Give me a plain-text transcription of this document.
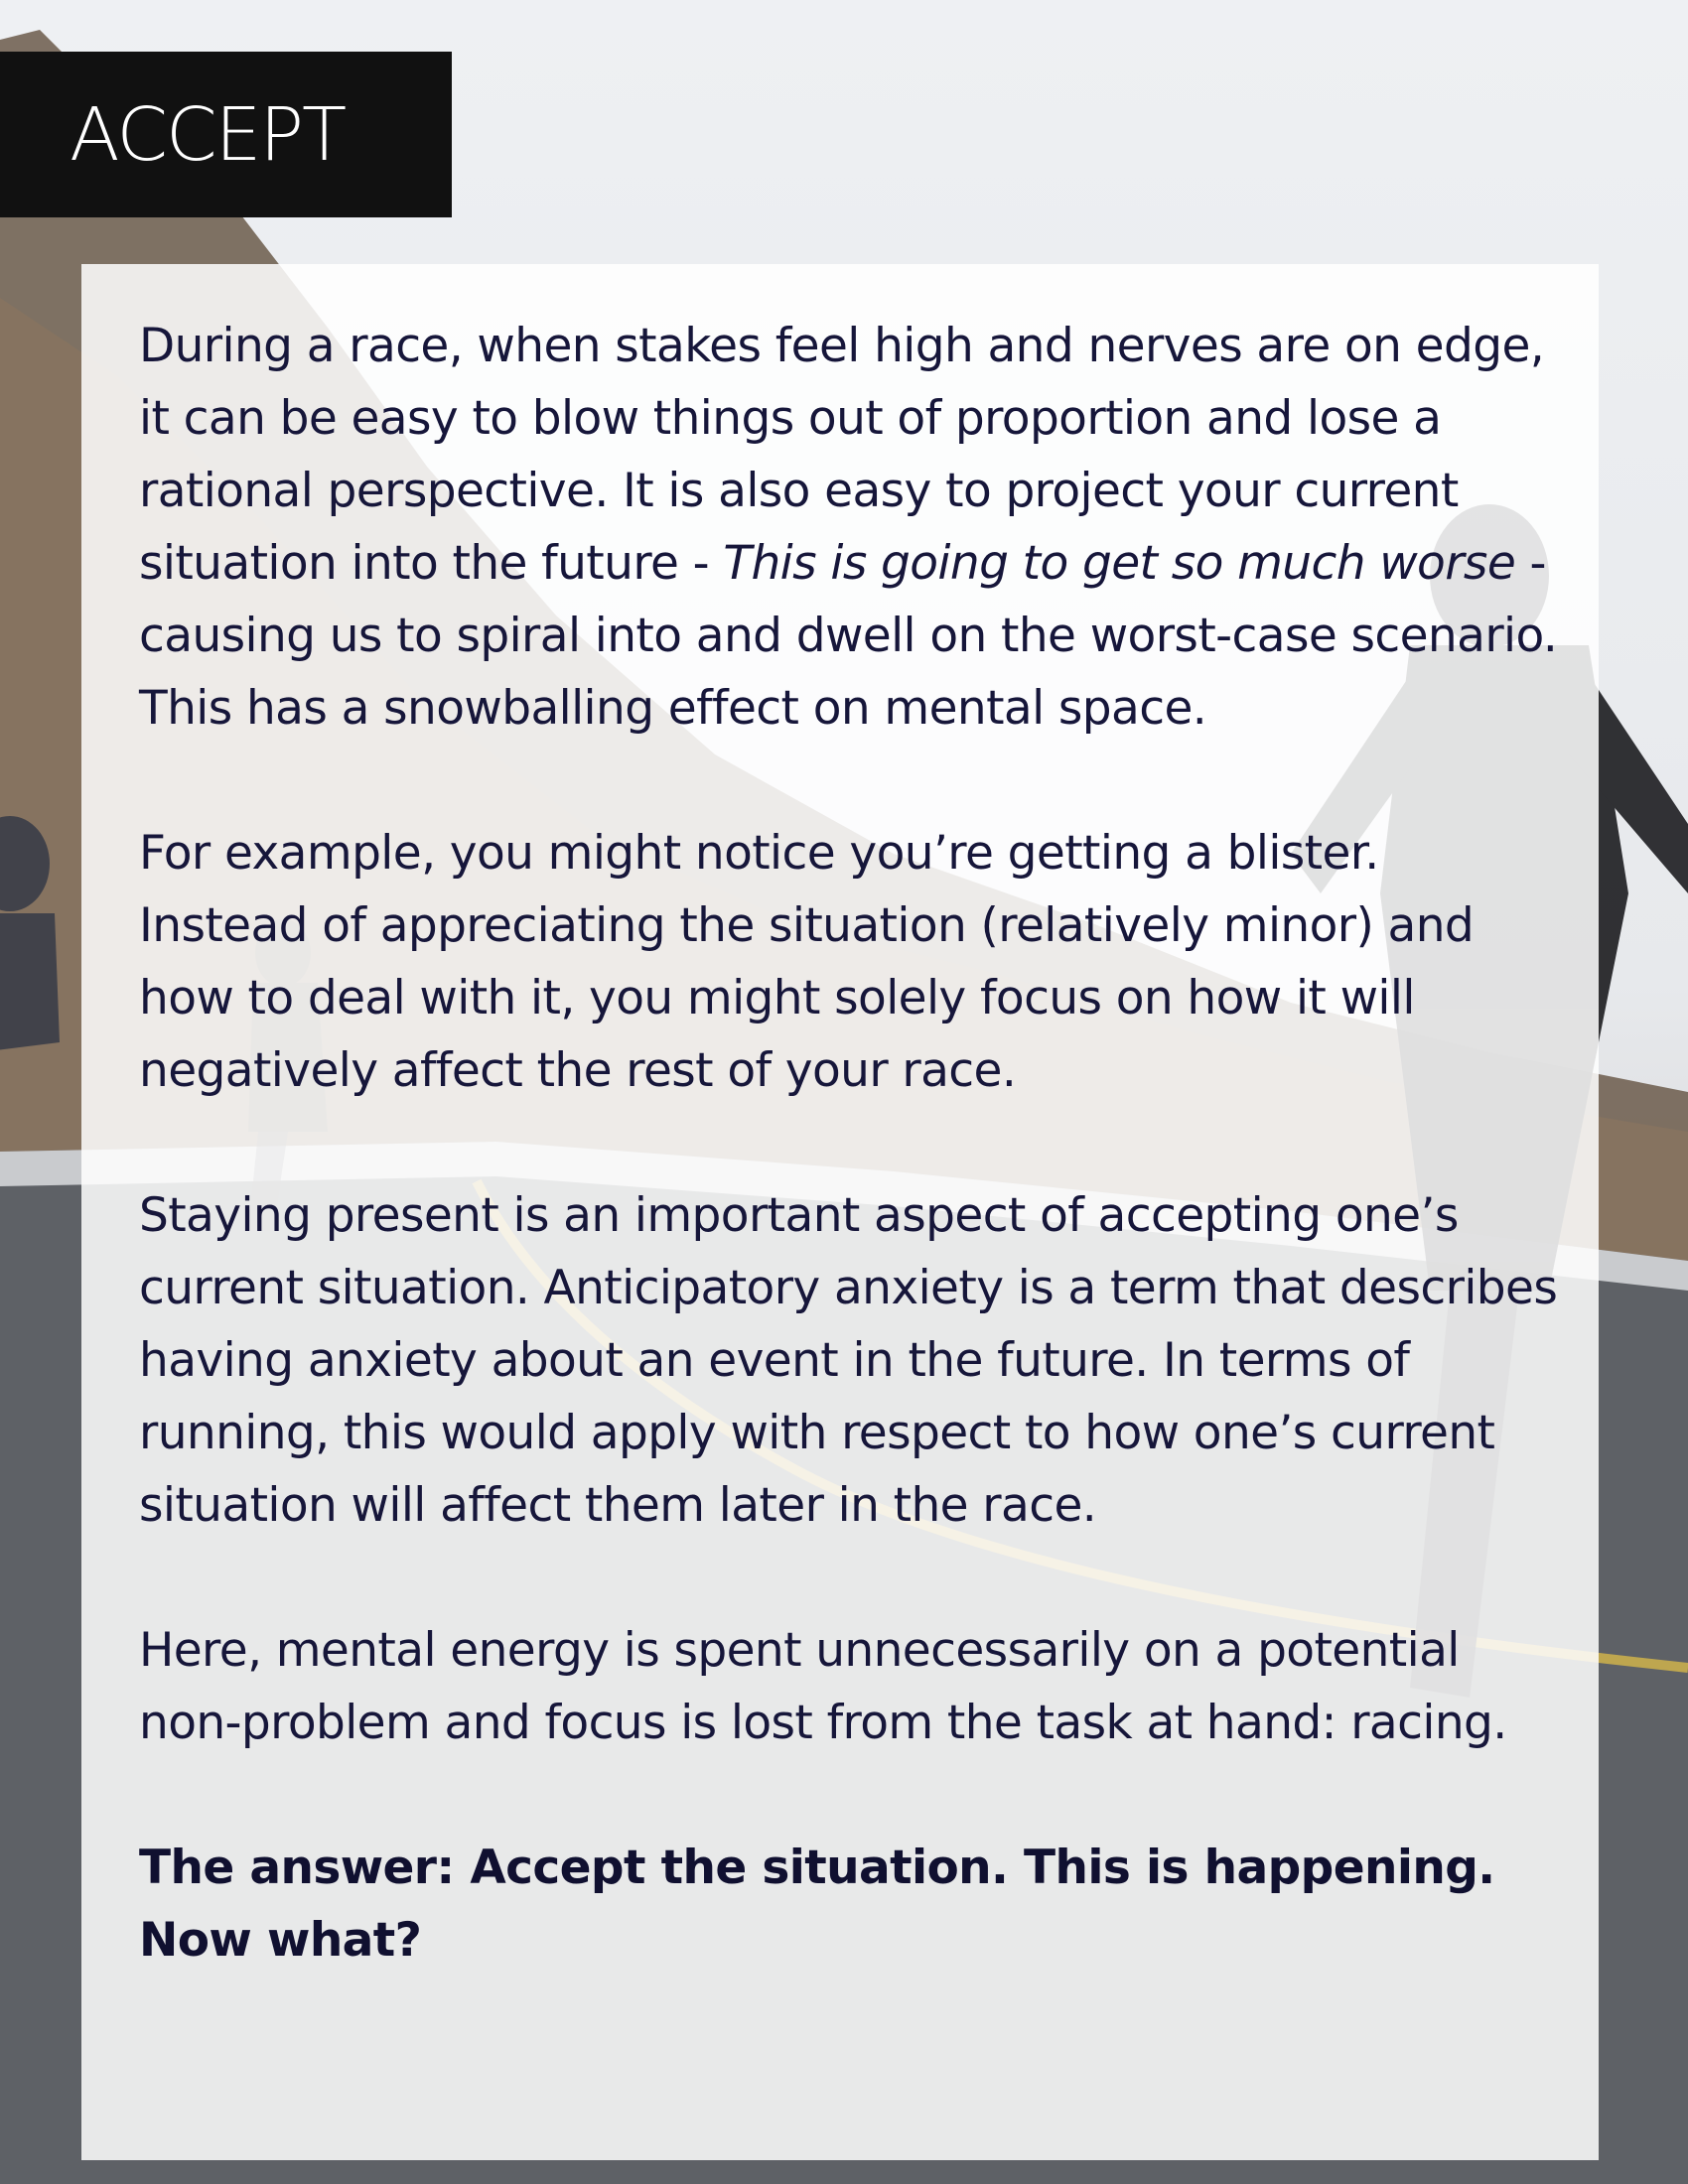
ACCEPT

During a race, when stakes feel high and nerves are on edge, it can be easy to blow things out of proportion and lose a rational perspective. It is also easy to project your current situation into the future - This is going to get so much worse - causing us to spiral into and dwell on the worst-case scenario. This has a snowballing effect on mental space.

For example, you might notice you’re getting a blister. Instead of appreciating the situation (relatively minor) and how to deal with it, you might solely focus on how it will negatively affect the rest of your race.

Staying present is an important aspect of accepting one’s current situation. Anticipatory anxiety is a term that describes having anxiety about an event in the future. In terms of running, this would apply with respect to how one’s current situation will affect them later in the race.

Here, mental energy is spent unnecessarily on a potential non-problem and focus is lost from the task at hand: racing.

The answer: Accept the situation. This is happening. Now what?
